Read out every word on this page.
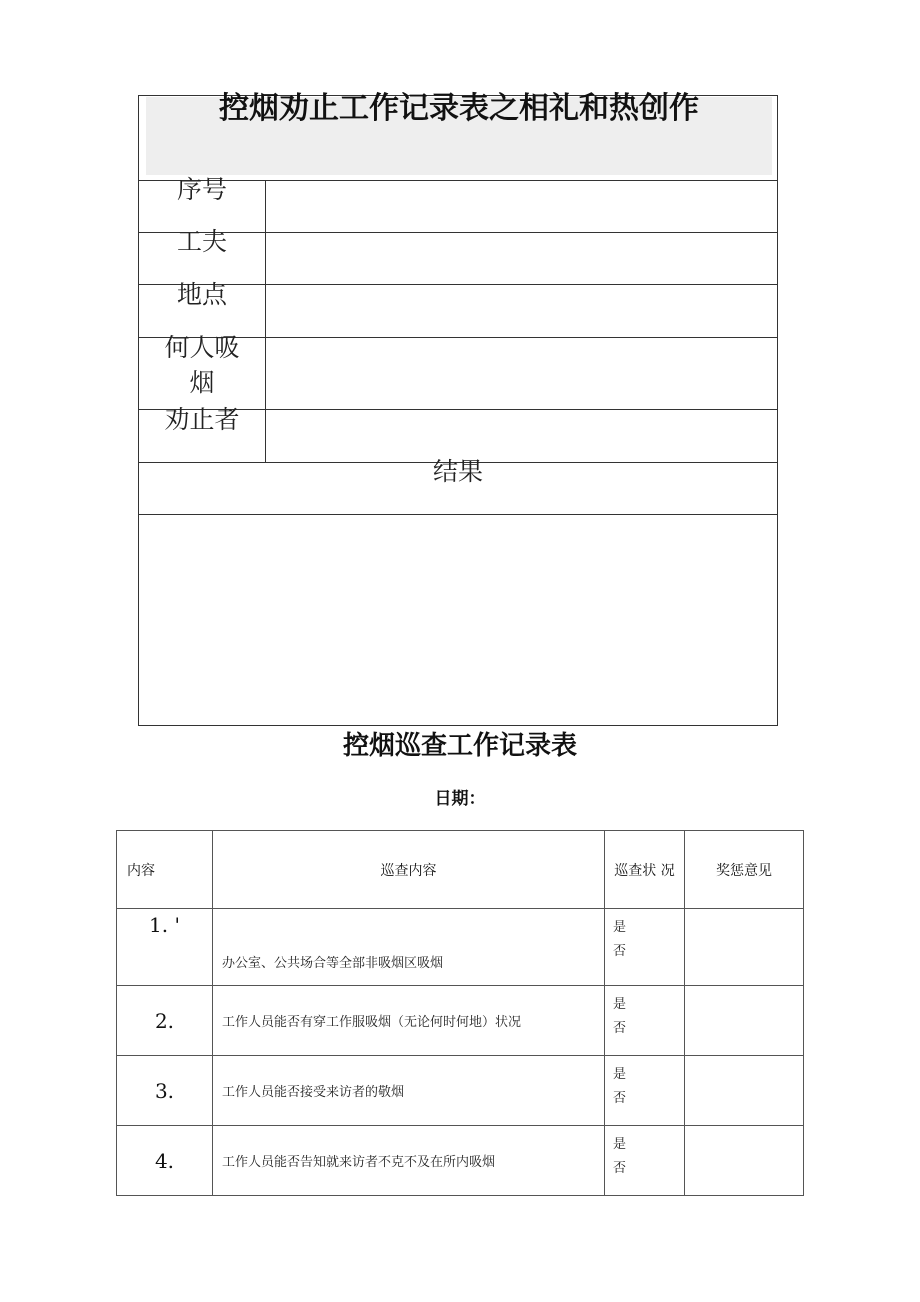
控烟劝止工作记录表之相礼和热创作
序号
工夫
地点
何人吸
烟
劝止者
结果
控烟巡查工作记录表
日期：
内容	巡查内容	巡查状 况	奖惩意见
1. '	办公室、公共场合等全部非吸烟区吸烟	是
否	

2.	工作人员能否有穿工作服吸烟（无论何时何地）状况	是
否	

3.	工作人员能否接受来访者的敬烟	是
否	

4.	工作人员能否告知就来访者不克不及在所内吸烟	是
否	
